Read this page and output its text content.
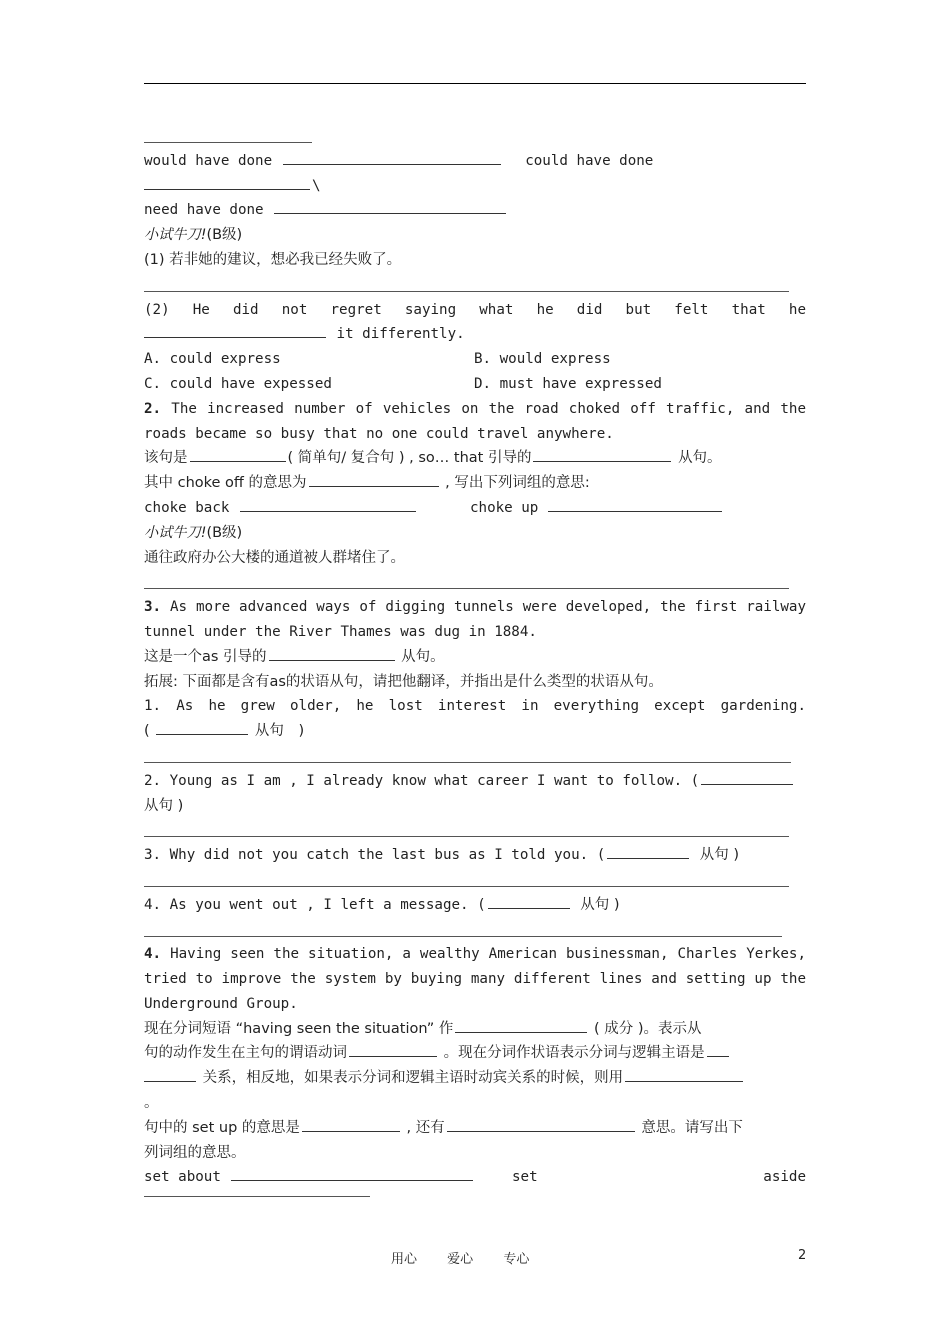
would have done	could have done
\
need have done
小试牛刀!(B级)
(1) 若非她的建议，想必我已经失败了。
(2) He did not regret saying what he did but felt that he
it differently.
A. could express	B. would express
C. could have expessed	D. must have expressed
2. The increased number of vehicles on the road choked off traffic, and the
roads became so busy that no one could travel anywhere.
该句是	( 简单句/ 复合句 ) , so… that 引导的	从句。
其中 choke off 的意思为	, 写出下列词组的意思:
choke back	choke up
小试牛刀!(B级)
通往政府办公大楼的通道被人群堵住了。
3. As more advanced ways of digging tunnels were developed, the first railway
tunnel under the River Thames was dug in 1884.
这是一个as 引导的	从句。
拓展: 下面都是含有as的状语从句，请把他翻译，并指出是什么类型的状语从句。
1. As he grew older, he lost interest in everything except gardening.
(	从句 )
2. Young as I am , I already know what career I want to follow. (
从句 )
3. Why did not you catch the last bus as I told you. (	从句 )
4. As you went out , I left a message. (	从句 )
4. Having seen the situation, a wealthy American businessman, Charles Yerkes,
tried to improve the system by buying many different lines and setting up the
Underground Group.
现在分词短语 “having seen the situation” 作	( 成分 )。表示从
句的动作发生在主句的谓语动词	。现在分词作状语表示分词与逻辑主语是
关系，相反地，如果表示分词和逻辑主语时动宾关系的时候，则用
。
句中的 set up 的意思是	, 还有	意思。请写出下
列词组的意思。
set about	set	aside
用心 爱心 专心	2
